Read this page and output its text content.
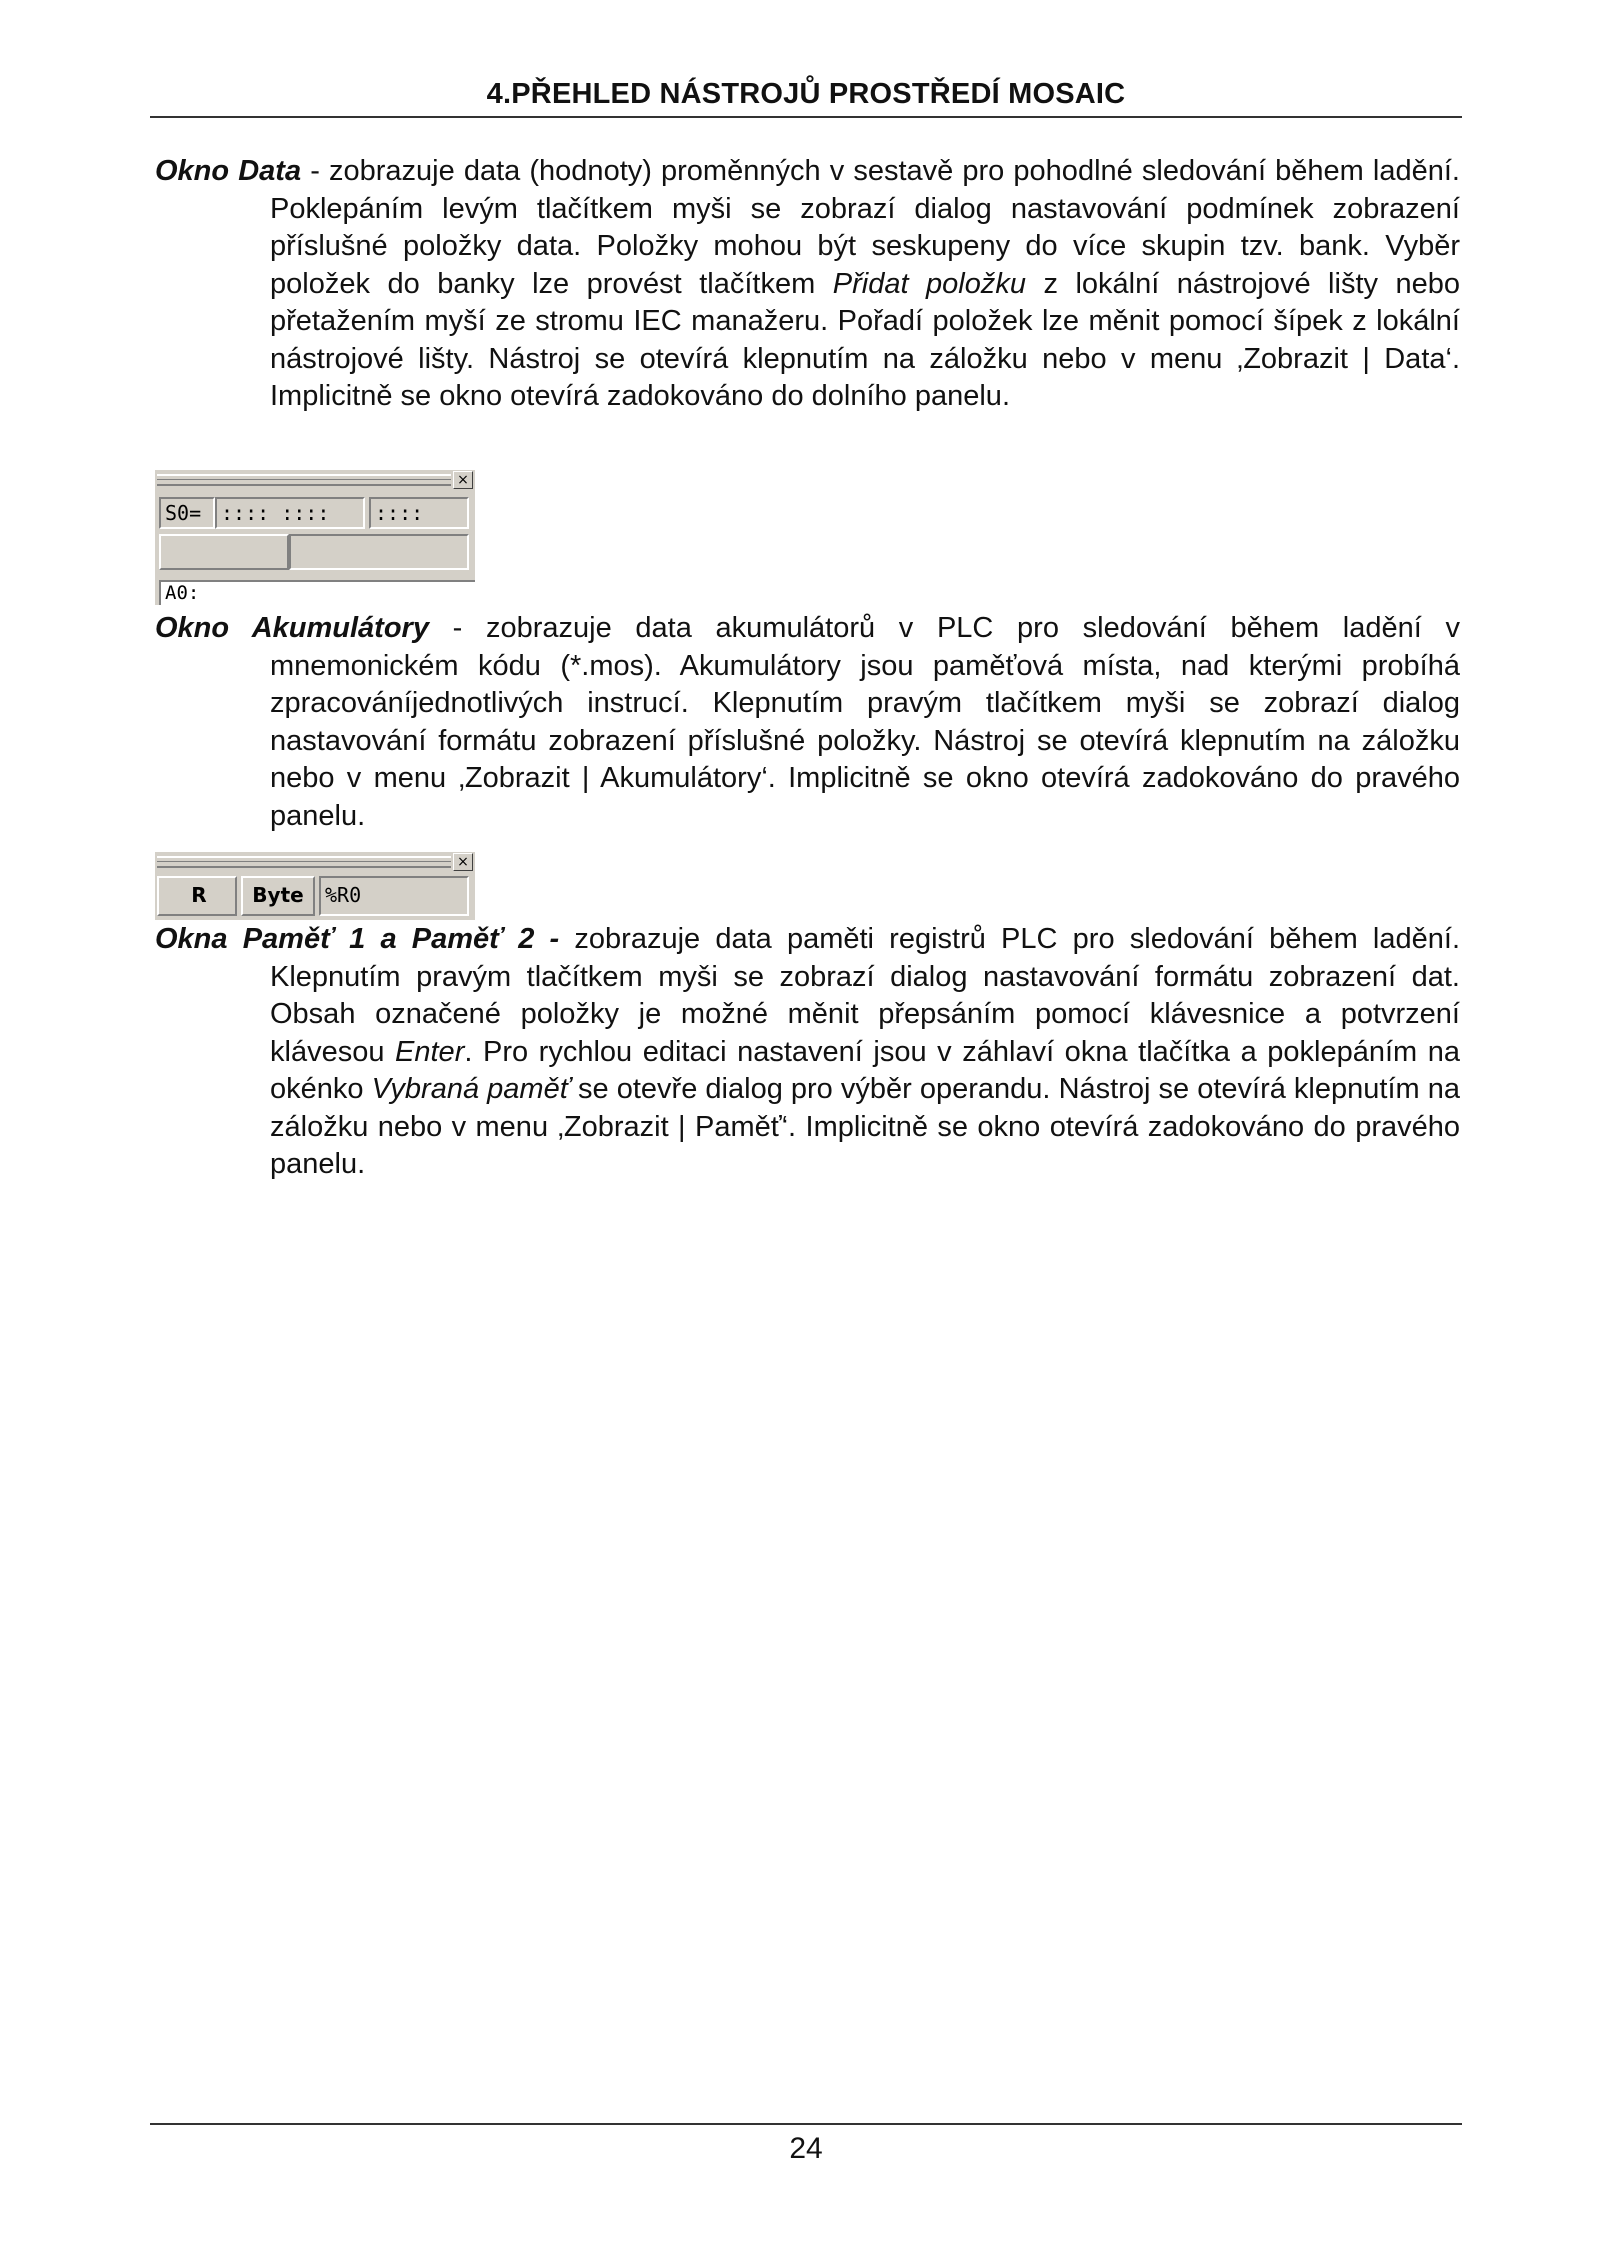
4.PŘEHLED NÁSTROJŮ PROSTŘEDÍ MOSAIC
Okno Data - zobrazuje data (hodnoty) proměnných v sestavě pro pohodlné sledování během ladění. Poklepáním levým tlačítkem myši se zobrazí dialog nastavování podmínek zobrazení příslušné položky data. Položky mohou být seskupeny do více skupin tzv. bank. Vyběr položek do banky lze provést tlačítkem Přidat položku z lokální nástrojové lišty nebo přetažením myší ze stromu IEC manažeru. Pořadí položek lze měnit pomocí šípek z lokální nástrojové lišty. Nástroj se otevírá klepnutím na záložku nebo v menu ‚Zobrazit | Data‘. Implicitně se okno otevírá zadokováno do dolního panelu.
×
S0= :::: ::::	::::
A0:
Okno Akumulátory - zobrazuje data akumulátorů v PLC pro sledování během ladění v mnemonickém kódu (*.mos). Akumulátory jsou paměťová místa, nad kterými probíhá zpracováníjednotlivých instrucí. Klepnutím pravým tlačítkem myši se zobrazí dialog nastavování formátu zobrazení příslušné položky. Nástroj se otevírá klepnutím na záložku nebo v menu ‚Zobrazit | Akumulátory‘. Implicitně se okno otevírá zadokováno do pravého panelu.
×
R	Byte	%R0
Okna Paměť 1 a Paměť 2 - zobrazuje data paměti registrů PLC pro sledování během ladění. Klepnutím pravým tlačítkem myši se zobrazí dialog nastavování formátu zobrazení dat. Obsah označené položky je možné měnit přepsáním pomocí klávesnice a potvrzení klávesou Enter. Pro rychlou editaci nastavení jsou v záhlaví okna tlačítka a poklepáním na okénko Vybraná paměť se otevře dialog pro výběr operandu. Nástroj se otevírá klepnutím na záložku nebo v menu ‚Zobrazit | Paměť‘. Implicitně se okno otevírá zadokováno do pravého panelu.
24
